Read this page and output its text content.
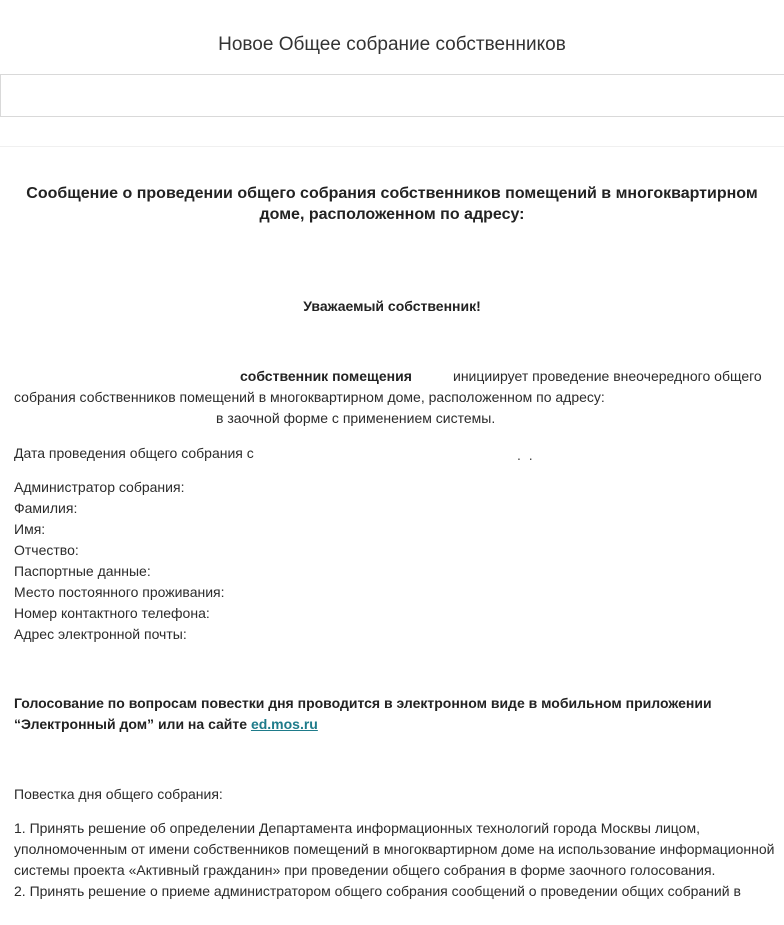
Новое Общее собрание собственников
Сообщение о проведении общего собрания собственников помещений в многоквартирном доме, расположенном по адресу:
Уважаемый собственник!
собственник помещения	инициирует проведение внеочередного общего
собрания собственников помещений в многоквартирном доме, расположенном по адресу:
в заочной форме с применением системы.
Дата проведения общего собрания с	. .
Администратор собрания:
Фамилия:
Имя:
Отчество:
Паспортные данные:
Место постоянного проживания:
Номер контактного телефона:
Адрес электронной почты:
Голосование по вопросам повестки дня проводится в электронном виде в мобильном приложении
“Электронный дом” или на сайте ed.mos.ru
Повестка дня общего собрания:

1. Принять решение об определении Департамента информационных технологий города Москвы лицом, уполномоченным от имени собственников помещений в многоквартирном доме на использование информационной системы проекта «Активный гражданин» при проведении общего собрания в форме заочного голосования.

2. Принять решение о приеме администратором общего собрания сообщений о проведении общих собраний в
